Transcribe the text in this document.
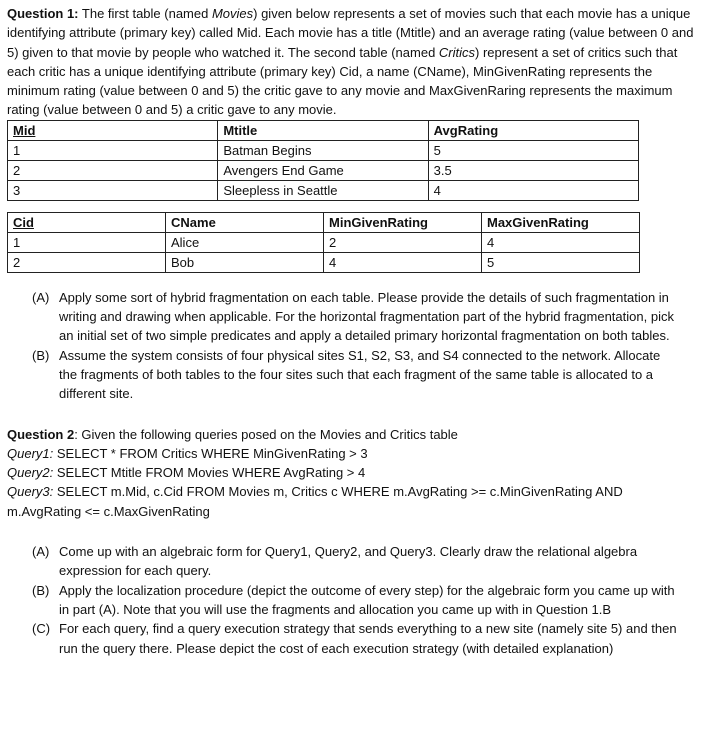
Question 1: The first table (named Movies) given below represents a set of movies such that each movie has a unique identifying attribute (primary key) called Mid. Each movie has a title (Mtitle) and an average rating (value between 0 and 5) given to that movie by people who watched it. The second table (named Critics) represent a set of critics such that each critic has a unique identifying attribute (primary key) Cid, a name (CName), MinGivenRating represents the minimum rating (value between 0 and 5) the critic gave to any movie and MaxGivenRaring represents the maximum rating (value between 0 and 5) a critic gave to any movie.

Mid	Mtitle	AvgRating
1	Batman Begins	5
2	Avengers End Game	3.5
3	Sleepless in Seattle	4
Cid	CName	MinGivenRating	MaxGivenRating
1	Alice	2	4
2	Bob	4	5
(A) Apply some sort of hybrid fragmentation on each table. Please provide the details of such fragmentation in writing and drawing when applicable. For the horizontal fragmentation part of the hybrid fragmentation, pick an initial set of two simple predicates and apply a detailed primary horizontal fragmentation on both tables.
(B) Assume the system consists of four physical sites S1, S2, S3, and S4 connected to the network. Allocate the fragments of both tables to the four sites such that each fragment of the same table is allocated to a different site.

Question 2: Given the following queries posed on the Movies and Critics table

Query1: SELECT * FROM Critics WHERE MinGivenRating > 3

Query2: SELECT Mtitle FROM Movies WHERE AvgRating > 4

Query3: SELECT m.Mid, c.Cid FROM Movies m, Critics c WHERE m.AvgRating >= c.MinGivenRating AND m.AvgRating <= c.MaxGivenRating

(A) Come up with an algebraic form for Query1, Query2, and Query3. Clearly draw the relational algebra expression for each query.
(B) Apply the localization procedure (depict the outcome of every step) for the algebraic form you came up with in part (A). Note that you will use the fragments and allocation you came up with in Question 1.B
(C) For each query, find a query execution strategy that sends everything to a new site (namely site 5) and then run the query there. Please depict the cost of each execution strategy (with detailed explanation)
